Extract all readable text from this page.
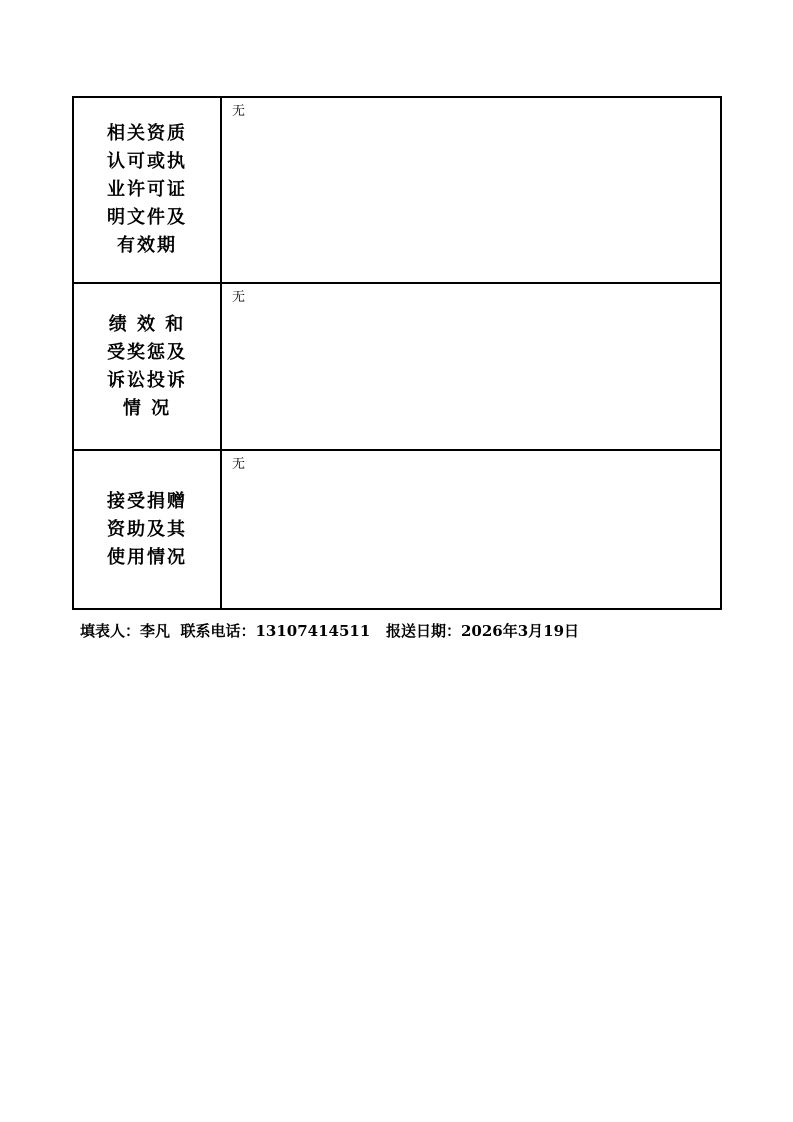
相关资质
认可或执
业许可证
明文件及
有效期	无

绩 效 和
受奖惩及
诉讼投诉
情 况	无

接受捐赠
资助及其
使用情况	无
填表人：李凡 联系电话：13107414511 报送日期：2026年3月19日
